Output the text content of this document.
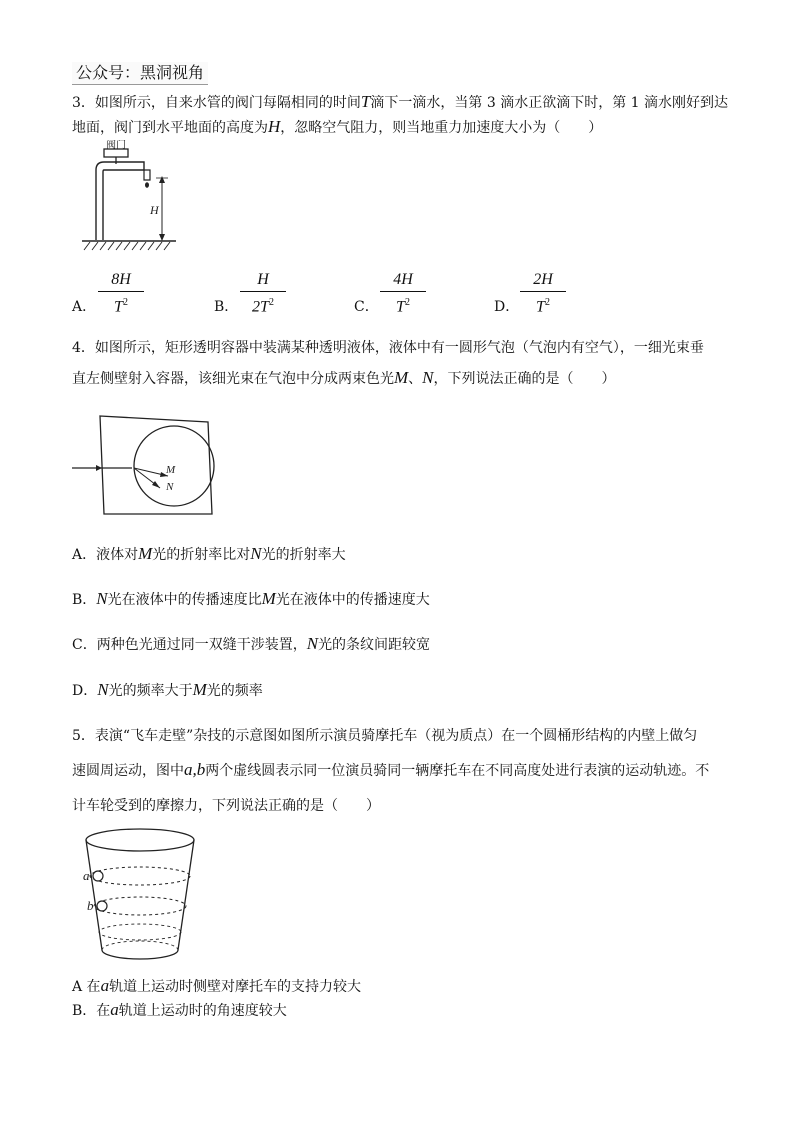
公众号：黑洞视角
3．如图所示，自来水管的阀门每隔相同的时间T滴下一滴水，当第 3 滴水正欲滴下时，第 1 滴水刚好到达
地面，阀门到水平地面的高度为H，忽略空气阻力，则当地重力加速度大小为（　　）
阀门
H
A．
8H
$T^2$	B．
H
$2T^2$	C．
4H
$T^2$	D．
2H
$T^2$
4．如图所示，矩形透明容器中装满某种透明液体，液体中有一圆形气泡（气泡内有空气），一细光束垂
直左侧壁射入容器，该细光束在气泡中分成两束色光M、N，下列说法正确的是（　　）
M
N
A．液体对M光的折射率比对N光的折射率大
B．N光在液体中的传播速度比M光在液体中的传播速度大
C．两种色光通过同一双缝干涉装置，N光的条纹间距较宽
D．N光的频率大于M光的频率
5．表演“飞车走壁”杂技的示意图如图所示演员骑摩托车（视为质点）在一个圆桶形结构的内壁上做匀
速圆周运动，图中a,b两个虚线圆表示同一位演员骑同一辆摩托车在不同高度处进行表演的运动轨迹。不
计车轮受到的摩擦力，下列说法正确的是（　　）
a
b
A 在a轨道上运动时侧壁对摩托车的支持力较大
B．在a轨道上运动时的角速度较大
